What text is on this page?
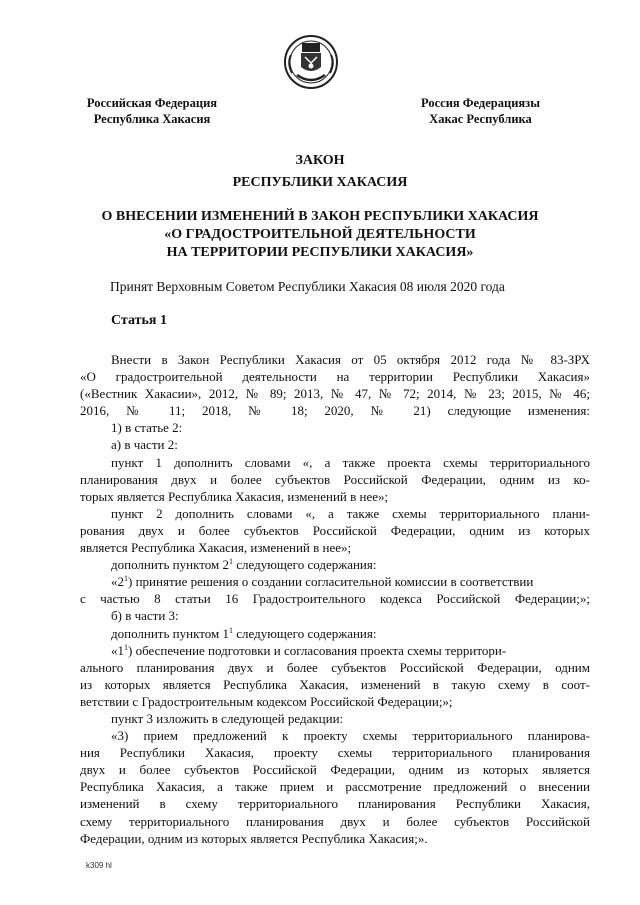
Российская Федерация
Республика Хакасия
Россия Федерациязы
Хакас Республика
ЗАКОН
РЕСПУБЛИКИ ХАКАСИЯ
О ВНЕСЕНИИ ИЗМЕНЕНИЙ В ЗАКОН РЕСПУБЛИКИ ХАКАСИЯ
«О ГРАДОСТРОИТЕЛЬНОЙ ДЕЯТЕЛЬНОСТИ
НА ТЕРРИТОРИИ РЕСПУБЛИКИ ХАКАСИЯ»
Принят Верховным Советом Республики Хакасия 08 июля 2020 года
Статья 1
Внести в Закон Республики Хакасия от 05 октября 2012 года № 83-ЗРХ
«О градостроительной деятельности на территории Республики Хакасия»
(«Вестник Хакасии», 2012, № 89; 2013, № 47, № 72; 2014, № 23; 2015, № 46;
2016, № 11; 2018, № 18; 2020, № 21) следующие изменения:
1) в статье 2:
а) в части 2:
пункт 1 дополнить словами «, а также проекта схемы территориального
планирования двух и более субъектов Российской Федерации, одним из ко-
торых является Республика Хакасия, изменений в нее»;
пункт 2 дополнить словами «, а также схемы территориального плани-
рования двух и более субъектов Российской Федерации, одним из которых
является Республика Хакасия, изменений в нее»;
дополнить пунктом $2^1$ следующего содержания:
«$2^1$) принятие решения о создании согласительной комиссии в соответствии
с частью 8 статьи 16 Градостроительного кодекса Российской Федерации;»;
б) в части 3:
дополнить пунктом $1^1$ следующего содержания:
«$1^1$) обеспечение подготовки и согласования проекта схемы территори-
ального планирования двух и более субъектов Российской Федерации, одним
из которых является Республика Хакасия, изменений в такую схему в соот-
ветствии с Градостроительным кодексом Российской Федерации;»;
пункт 3 изложить в следующей редакции:
«3) прием предложений к проекту схемы территориального планирова-
ния Республики Хакасия, проекту схемы территориального планирования
двух и более субъектов Российской Федерации, одним из которых является
Республика Хакасия, а также прием и рассмотрение предложений о внесении
изменений в схему территориального планирования Республики Хакасия,
схему территориального планирования двух и более субъектов Российской
Федерации, одним из которых является Республика Хакасия;».
k309 hl
